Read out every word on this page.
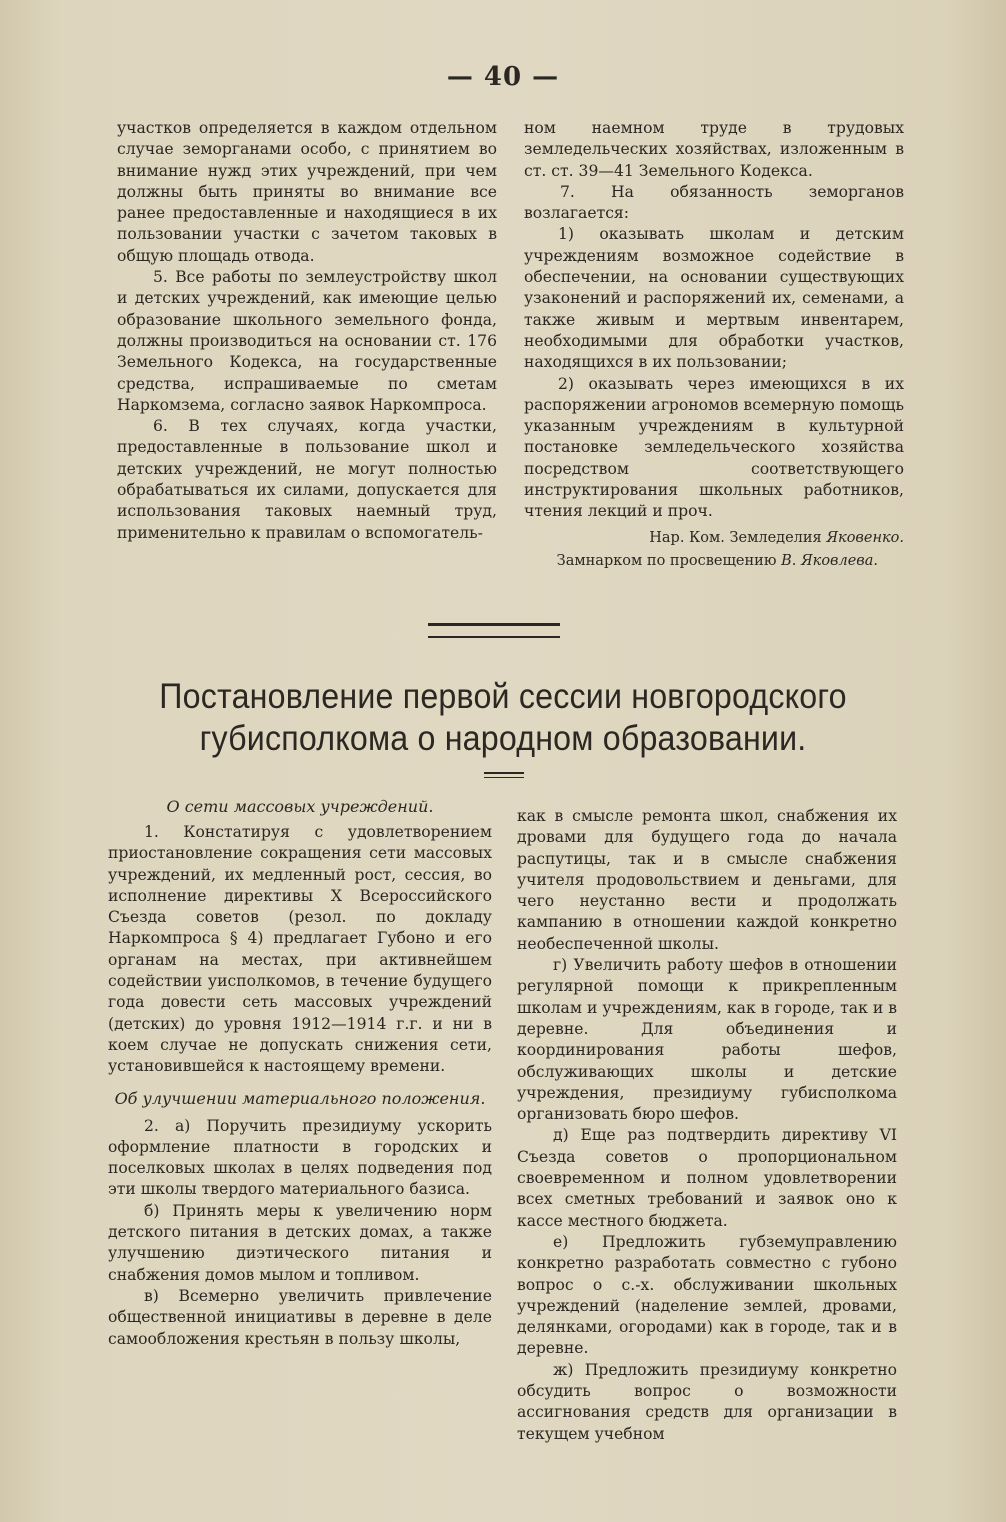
— 40 —

участков определяется в каждом отдельном случае земорганами особо, с принятием во внимание нужд этих учреждений, при чем должны быть приняты во внимание все ранее предоставленные и находящиеся в их пользовании участки с зачетом таковых в общую площадь отвода.

5. Все работы по землеустройству школ и детских учреждений, как имеющие целью образование школьного земельного фонда, должны производиться на основании ст. 176 Земельного Кодекса, на государственные средства, испрашиваемые по сметам Наркомзема, согласно заявок Наркомпроса.

6. В тех случаях, когда участки, предоставленные в пользование школ и детских учреждений, не могут полностью обрабатываться их силами, допускается для использования таковых наемный труд, применительно к правилам о вспомогатель-

ном наемном труде в трудовых земледельческих хозяйствах, изложенным в ст. ст. 39—41 Земельного Кодекса.

7. На обязанность земорганов возлагается:

1) оказывать школам и детским учреждениям возможное содействие в обеспечении, на основании существующих узаконений и распоряжений их, семенами, а также живым и мертвым инвентарем, необходимыми для обработки участков, находящихся в их пользовании;

2) оказывать через имеющихся в их распоряжении агрономов всемерную помощь указанным учреждениям в культурной постановке земледельческого хозяйства посредством соответствующего инструктирования школьных работников, чтения лекций и проч.

Нар. Ком. Земледелия Яковенко.
Замнарком по просвещению В. Яковлева.
Постановление первой сессии новгородского губисполкома о народном образовании.

О сети массовых учреждений.

1. Констатируя с удовлетворением приостановление сокращения сети массовых учреждений, их медленный рост, сессия, во исполнение директивы X Всероссийского Съезда советов (резол. по докладу Наркомпроса § 4) предлагает Губоно и его органам на местах, при активнейшем содействии уисполкомов, в течение будущего года довести сеть массовых учреждений (детских) до уровня 1912—1914 г.г. и ни в коем случае не допускать снижения сети, установившейся к настоящему времени.

Об улучшении материального положения.

2. а) Поручить президиуму ускорить оформление платности в городских и поселковых школах в целях подведения под эти школы твердого материального базиса.

б) Принять меры к увеличению норм детского питания в детских домах, а также улучшению диэтического питания и снабжения домов мылом и топливом.

в) Всемерно увеличить привлечение общественной инициативы в деревне в деле самообложения крестьян в пользу школы,

как в смысле ремонта школ, снабжения их дровами для будущего года до начала распутицы, так и в смысле снабжения учителя продовольствием и деньгами, для чего неустанно вести и продолжать кампанию в отношении каждой конкретно необеспеченной школы.

г) Увеличить работу шефов в отношении регулярной помощи к прикрепленным школам и учреждениям, как в городе, так и в деревне. Для объединения и координирования работы шефов, обслуживающих школы и детские учреждения, президиуму губисполкома организовать бюро шефов.

д) Еще раз подтвердить директиву VI Съезда советов о пропорциональном своевременном и полном удовлетворении всех сметных требований и заявок оно к кассе местного бюджета.

е) Предложить губземуправлению конкретно разработать совместно с губоно вопрос о с.-х. обслуживании школьных учреждений (наделение землей, дровами, делянками, огородами) как в городе, так и в деревне.

ж) Предложить президиуму конкретно обсудить вопрос о возможности ассигнования средств для организации в текущем учебном
